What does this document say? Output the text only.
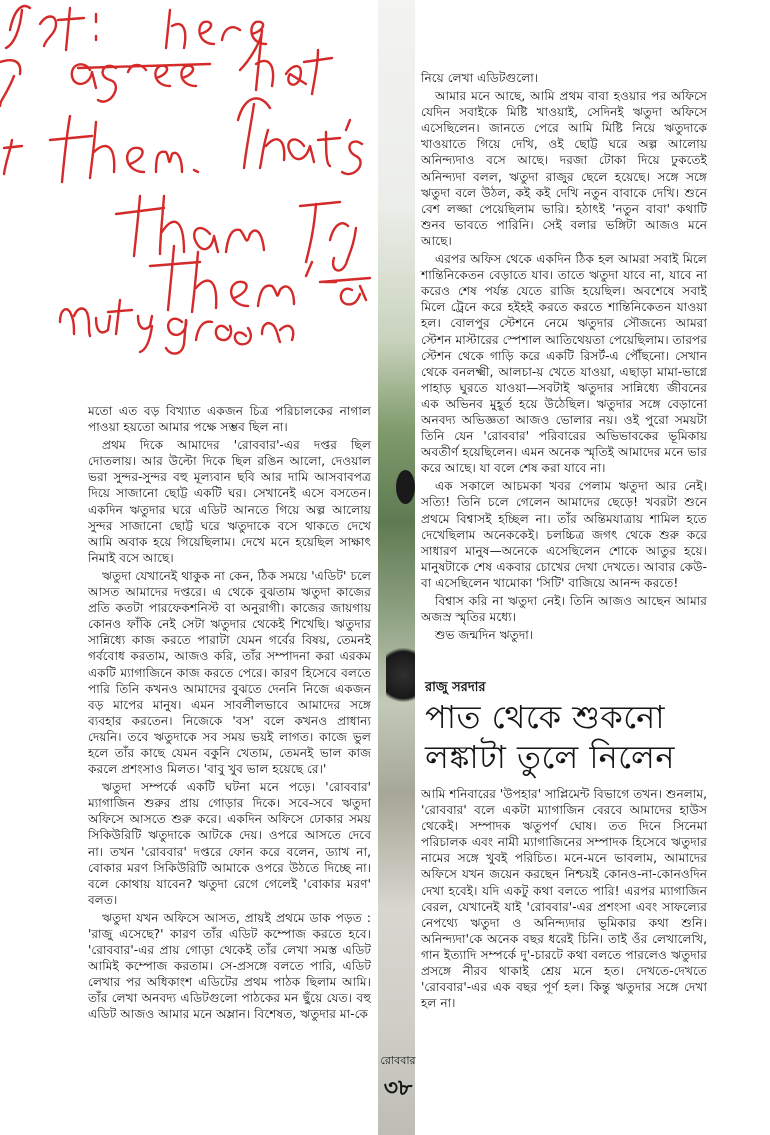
মতো এত বড় বিখ্যাত একজন চিত্র পরিচালকের নাগাল পাওয়া হয়তো আমার পক্ষে সম্ভব ছিল না।

প্রথম দিকে আমাদের 'রোববার'-এর দপ্তর ছিল দোতলায়। আর উল্টো দিকে ছিল রঙিন আলো, দেওয়াল ভরা সুন্দর-সুন্দর বহু মূল্যবান ছবি আর দামি আসবাবপত্র দিয়ে সাজানো ছোট্ট একটি ঘর। সেখানেই এসে বসতেন। একদিন ঋতুদার ঘরে এডিট আনতে গিয়ে অল্প আলোয় সুন্দর সাজানো ছোট্ট ঘরে ঋতুদাকে বসে থাকতে দেখে আমি অবাক হয়ে গিয়েছিলাম। দেখে মনে হয়েছিল সাক্ষাৎ নিমাই বসে আছে।

ঋতুদা যেখানেই থাকুক না কেন, ঠিক সময়ে 'এডিট' চলে আসত আমাদের দপ্তরে। এ থেকে বুঝতাম ঋতুদা কাজের প্রতি কতটা পারফেকশনিস্ট বা অনুরাগী। কাজের জায়গায় কোনও ফাঁকি নেই সেটা ঋতুদার থেকেই শিখেছি। ঋতুদার সান্নিধ্যে কাজ করতে পারাটা যেমন গর্বের বিষয়, তেমনই গর্ববোধ করতাম, আজও করি, তাঁর সম্পাদনা করা এরকম একটি ম্যাগাজিনে কাজ করতে পেরে। কারণ হিসেবে বলতে পারি তিনি কখনও আমাদের বুঝতে দেননি নিজে একজন বড় মাপের মানুষ। এমন সাবলীলভাবে আমাদের সঙ্গে ব্যবহার করতেন। নিজেকে 'বস' বলে কখনও প্রাধান্য দেয়নি। তবে ঋতুদাকে সব সময় ভয়ই লাগত। কাজে ভুল হলে তাঁর কাছে যেমন বকুনি খেতাম, তেমনই ভাল কাজ করলে প্রশংসাও মিলত। 'বাবু খুব ভাল হয়েছে রে।'

ঋতুদা সম্পর্কে একটি ঘটনা মনে পড়ে। 'রোববার' ম্যাগাজিন শুরুর প্রায় গোড়ার দিকে। সবে-সবে ঋতুদা অফিসে আসতে শুরু করে। একদিন অফিসে ঢোকার সময় সিকিউরিটি ঋতুদাকে আটকে দেয়। ওপরে আসতে দেবে না। তখন 'রোববার' দপ্তরে ফোন করে বলেন, ড্যাখ না, বোকার মরণ সিকিউরিটি আমাকে ওপরে উঠতে দিচ্ছে না। বলে কোথায় যাবেন? ঋতুদা রেগে গেলেই 'বোকার মরণ' বলত।

ঋতুদা যখন অফিসে আসত, প্রায়ই প্রথমে ডাক পড়ত : 'রাজু এসেছে?' কারণ তাঁর এডিট কম্পোজ করতে হবে। 'রোববার'-এর প্রায় গোড়া থেকেই তাঁর লেখা সমস্ত এডিট আমিই কম্পোজ করতাম। সে-প্রসঙ্গে বলতে পারি, এডিট লেখার পর অধিকাংশ এডিটের প্রথম পাঠক ছিলাম আমি। তাঁর লেখা অনবদ্য এডিটগুলো পাঠকের মন ছুঁয়ে যেত। বহু এডিট আজও আমার মনে অম্লান। বিশেষত, ঋতুদার মা-কে

নিয়ে লেখা এডিটগুলো।

আমার মনে আছে, আমি প্রথম বাবা হওয়ার পর অফিসে যেদিন সবাইকে মিষ্টি খাওয়াই, সেদিনই ঋতুদা অফিসে এসেছিলেন। জানতে পেরে আমি মিষ্টি নিয়ে ঋতুদাকে খাওয়াতে গিয়ে দেখি, ওই ছোট্ট ঘরে অল্প আলোয় অনিন্দ্যদাও বসে আছে। দরজা টোকা দিয়ে ঢুকতেই অনিন্দ্যদা বলল, ঋতুদা রাজুর ছেলে হয়েছে। সঙ্গে সঙ্গে ঋতুদা বলে উঠল, কই কই দেখি নতুন বাবাকে দেখি। শুনে বেশ লজ্জা পেয়েছিলাম ভারি। হঠাৎই 'নতুন বাবা' কথাটি শুনব ভাবতে পারিনি। সেই বলার ভঙ্গিটা আজও মনে আছে।

এরপর অফিস থেকে একদিন ঠিক হল আমরা সবাই মিলে শান্তিনিকেতন বেড়াতে যাব। তাতে ঋতুদা যাবে না, যাবে না করেও শেষ পর্যন্ত যেতে রাজি হয়েছিল। অবশেষে সবাই মিলে ট্রেনে করে হইহই করতে করতে শান্তিনিকেতন যাওয়া হল। বোলপুর স্টেশনে নেমে ঋতুদার সৌজন্যে আমরা স্টেশন মাস্টারের স্পেশাল আতিথেয়তা পেয়েছিলাম। তারপর স্টেশন থেকে গাড়ি করে একটি রিসর্ট-এ পৌঁছনো। সেখান থেকে বনলক্ষ্মী, আলচা-য় খেতে যাওয়া, এছাড়া মামা-ভাগ্নে পাহাড় ঘুরতে যাওয়া—সবটাই ঋতুদার সান্নিধ্যে জীবনের এক অভিনব মুহূর্ত হয়ে উঠেছিল। ঋতুদার সঙ্গে বেড়ানো অনবদ্য অভিজ্ঞতা আজও ভোলার নয়। ওই পুরো সময়টা তিনি যেন 'রোববার' পরিবারের অভিভাবকের ভূমিকায় অবতীর্ণ হয়েছিলেন। এমন অনেক স্মৃতিই আমাদের মনে ভার করে আছে। যা বলে শেষ করা যাবে না।

এক সকালে আচমকা খবর পেলাম ঋতুদা আর নেই। সত্যি! তিনি চলে গেলেন আমাদের ছেড়ে! খবরটা শুনে প্রথমে বিশ্বাসই হচ্ছিল না। তাঁর অন্তিমযাত্রায় শামিল হতে দেখেছিলাম অনেককেই। চলচ্চিত্র জগৎ থেকে শুরু করে সাধারণ মানুষ—অনেকে এসেছিলেন শোকে আতুর হয়ে। মানুষটাকে শেষ একবার চোখের দেখা দেখতে। আবার কেউ-বা এসেছিলেন খামোকা 'সিটি' বাজিয়ে আনন্দ করতে!

বিশ্বাস করি না ঋতুদা নেই। তিনি আজও আছেন আমার অজস্র স্মৃতির মধ্যে।

শুভ জন্মদিন ঋতুদা।

রাজু সরদার
পাত থেকে শুকনো
লঙ্কাটা তুলে নিলেন

আমি শনিবারের 'উপহার' সাপ্লিমেন্ট বিভাগে তখন। শুনলাম, 'রোববার' বলে একটা ম্যাগাজিন বেরবে আমাদের হাউস থেকেই। সম্পাদক ঋতুপর্ণ ঘোষ। তত দিনে সিনেমা পরিচালক এবং নামী ম্যাগাজিনের সম্পাদক হিসেবে ঋতুদার নামের সঙ্গে খুবই পরিচিত। মনে-মনে ভাবলাম, আমাদের অফিসে যখন জয়েন করছেন নিশ্চয়ই কোনও-না-কোনওদিন দেখা হবেই। যদি একটু কথা বলতে পারি! এরপর ম্যাগাজিন বেরল, যেখানেই যাই 'রোববার'-এর প্রশংসা এবং সাফল্যের নেপথ্যে ঋতুদা ও অনিন্দ্যদার ভূমিকার কথা শুনি। অনিন্দ্যদা'কে অনেক বছর ধরেই চিনি। তাই ওঁর লেখালেখি, গান ইত্যাদি সম্পর্কে দু'-চারটে কথা বলতে পারলেও ঋতুদার প্রসঙ্গে নীরব থাকাই শ্রেয় মনে হত। দেখতে-দেখতে 'রোববার'-এর এক বছর পূর্ণ হল। কিন্তু ঋতুদার সঙ্গে দেখা হল না।

রোববার
৩৮
